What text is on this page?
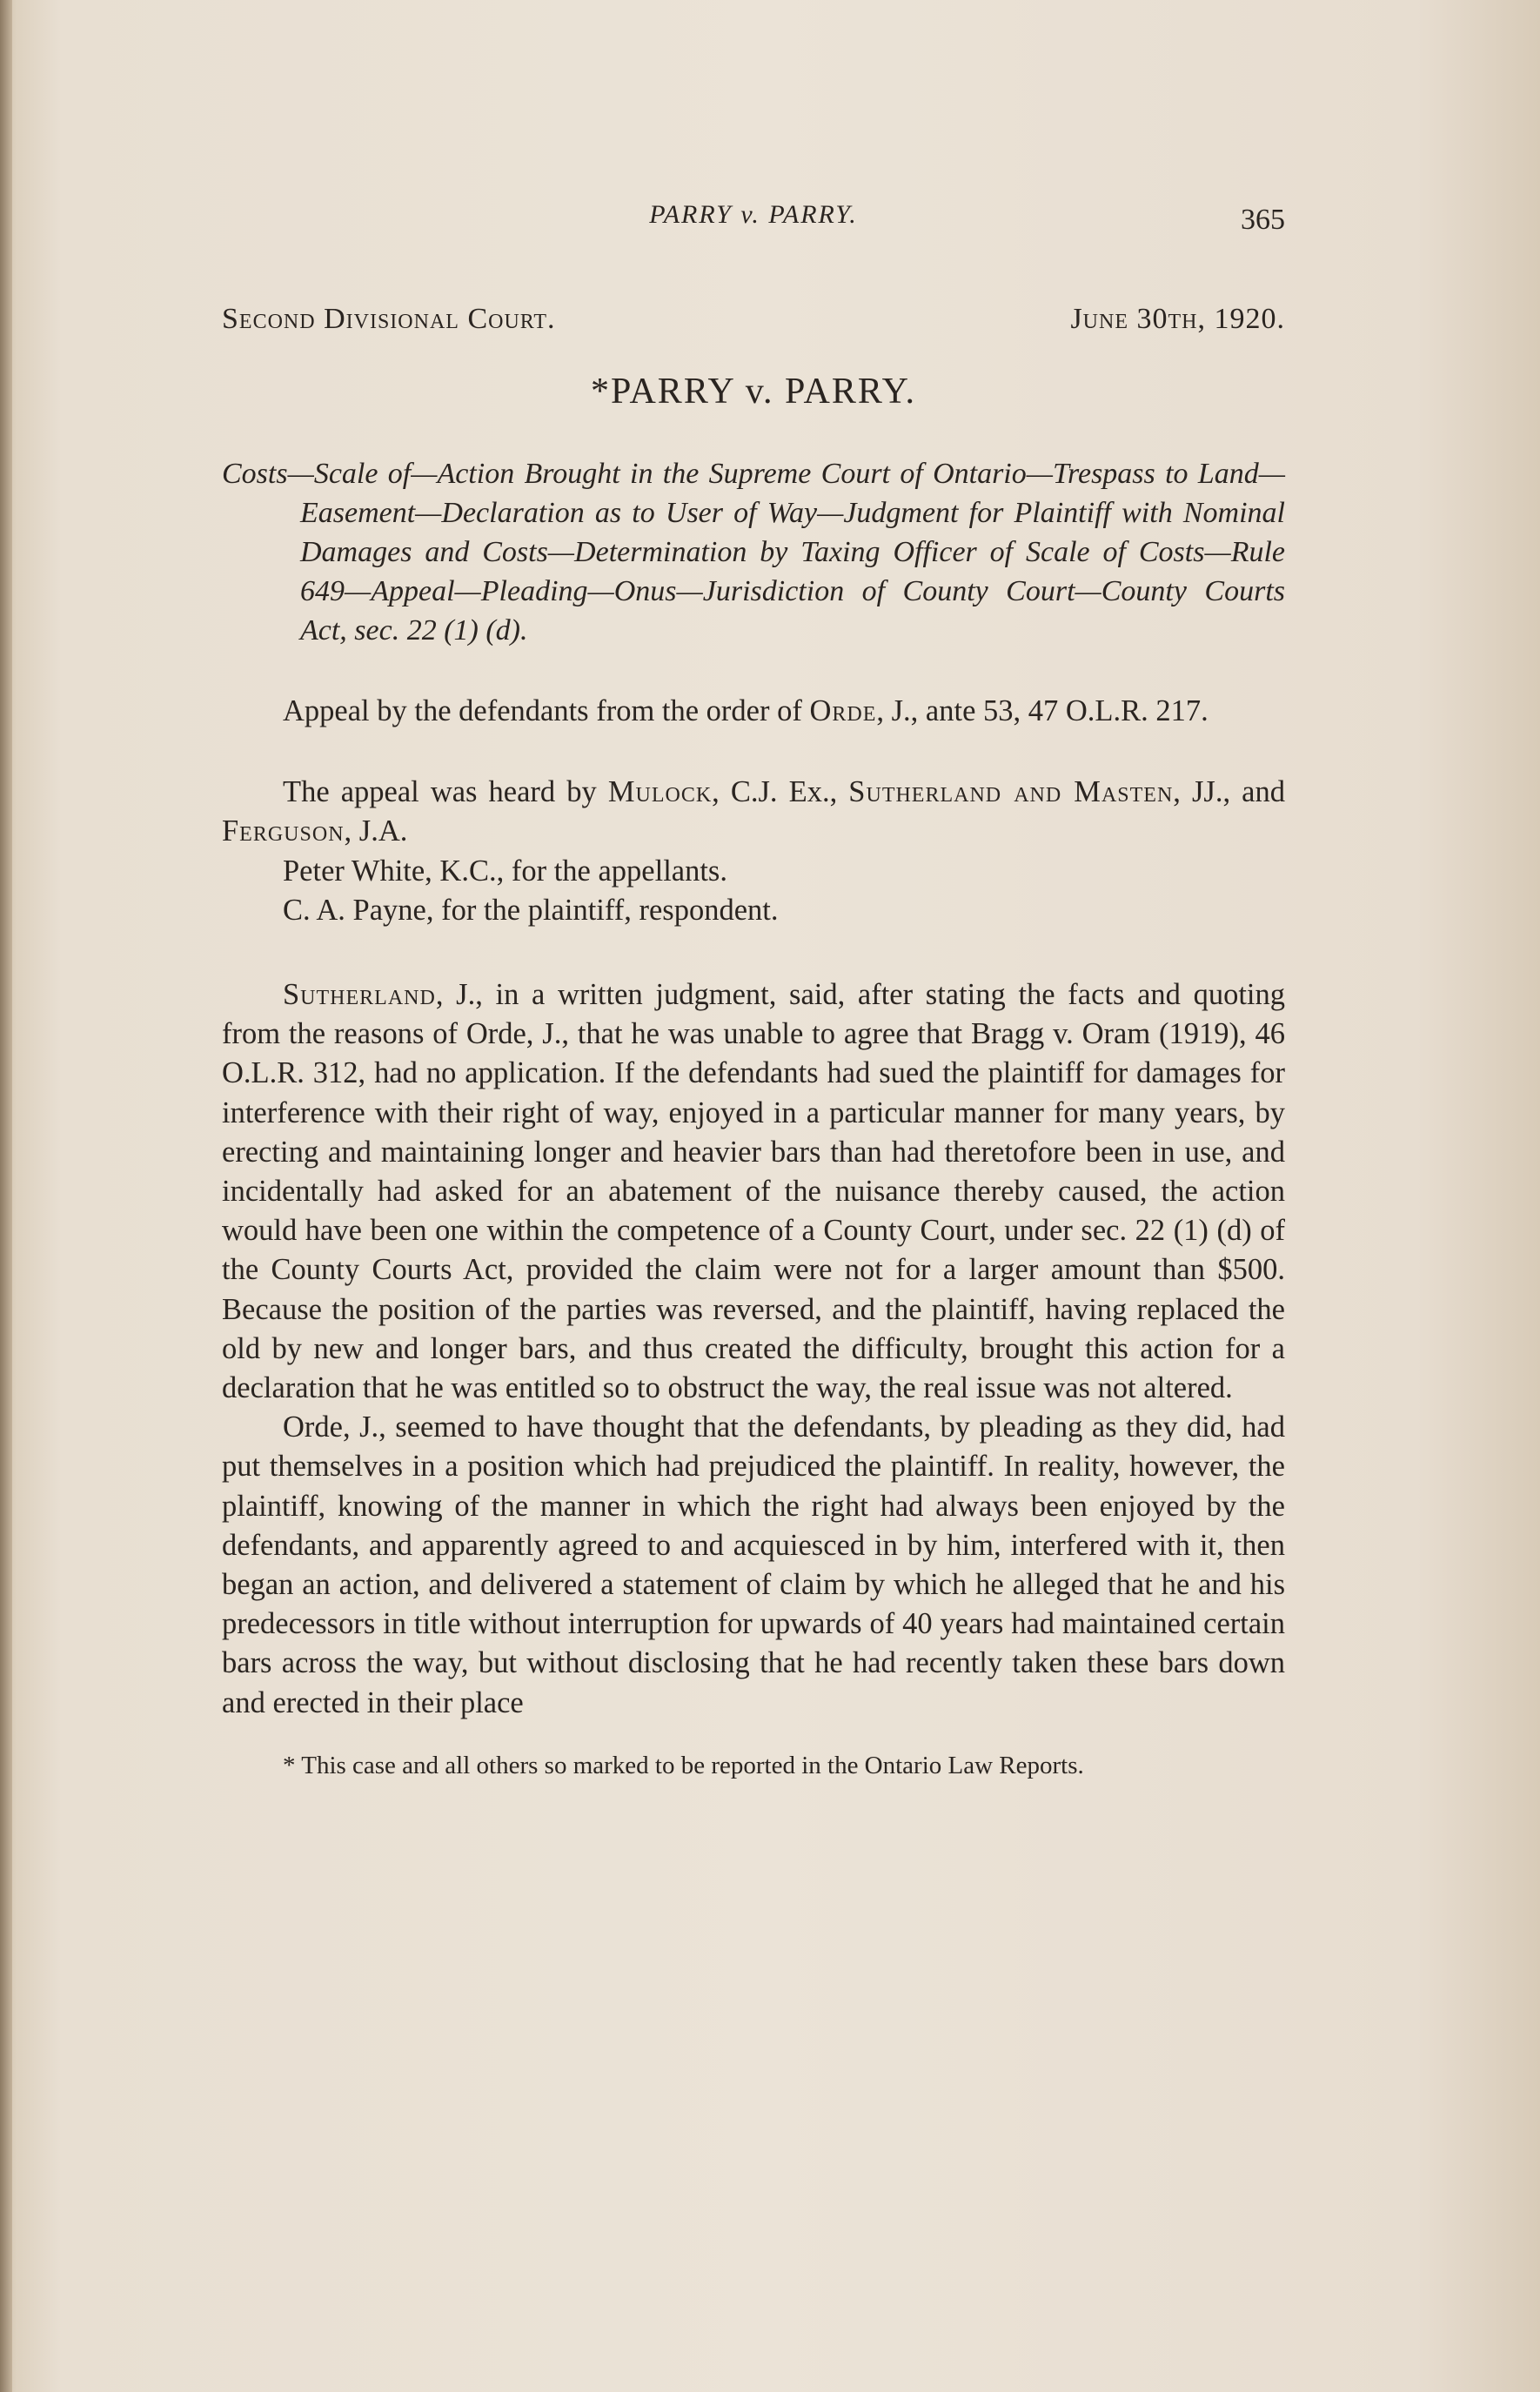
PARRY v. PARRY.	365
Second Divisional Court.	June 30th, 1920.
*PARRY v. PARRY.
Costs—Scale of—Action Brought in the Supreme Court of Ontario—Trespass to Land—Easement—Declaration as to User of Way—Judgment for Plaintiff with Nominal Damages and Costs—Determination by Taxing Officer of Scale of Costs—Rule 649—Appeal—Pleading—Onus—Jurisdiction of County Court—County Courts Act, sec. 22 (1) (d).

Appeal by the defendants from the order of Orde, J., ante 53, 47 O.L.R. 217.

The appeal was heard by Mulock, C.J. Ex., Sutherland and Masten, JJ., and Ferguson, J.A.

Peter White, K.C., for the appellants.

C. A. Payne, for the plaintiff, respondent.

Sutherland, J., in a written judgment, said, after stating the facts and quoting from the reasons of Orde, J., that he was unable to agree that Bragg v. Oram (1919), 46 O.L.R. 312, had no application. If the defendants had sued the plaintiff for damages for interference with their right of way, enjoyed in a particular manner for many years, by erecting and maintaining longer and heavier bars than had theretofore been in use, and incidentally had asked for an abatement of the nuisance thereby caused, the action would have been one within the competence of a County Court, under sec. 22 (1) (d) of the County Courts Act, provided the claim were not for a larger amount than $500. Because the position of the parties was reversed, and the plaintiff, having replaced the old by new and longer bars, and thus created the difficulty, brought this action for a declaration that he was entitled so to obstruct the way, the real issue was not altered.

Orde, J., seemed to have thought that the defendants, by pleading as they did, had put themselves in a position which had prejudiced the plaintiff. In reality, however, the plaintiff, knowing of the manner in which the right had always been enjoyed by the defendants, and apparently agreed to and acquiesced in by him, interfered with it, then began an action, and delivered a statement of claim by which he alleged that he and his predecessors in title without interruption for upwards of 40 years had maintained certain bars across the way, but without disclosing that he had recently taken these bars down and erected in their place

* This case and all others so marked to be reported in the Ontario Law Reports.
